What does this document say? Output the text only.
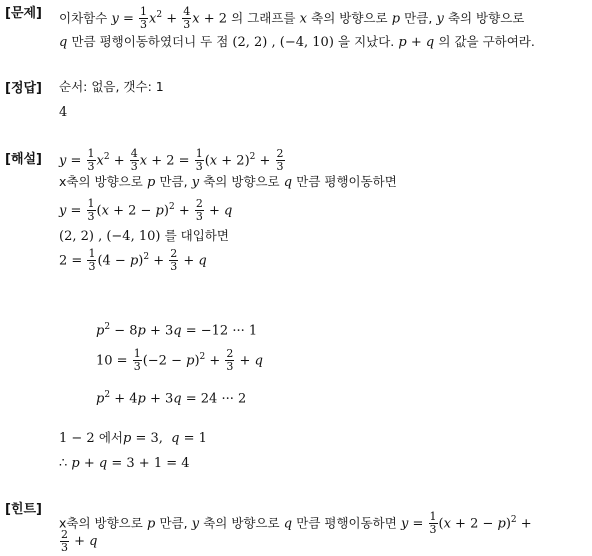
[문제] 이차함수 $y = \frac{1}{3} x^2 + \frac{4}{3}$ x + 2 의 그래프를 x 축의 방향으로 p 만큼, y 축의 방향으로
q 만큼 평행이동하였더니 두 점 (2, 2) , (−4, 10) 을 지났다. p + q 의 값을 구하여라.
[정답] 순서: 없음, 갯수: 1
4
[해설] $y = \frac{1}{3} x^2 + \frac{4}{3}$ $x + 2 = \frac{1}{3} (x + 2)^2 + \frac{2}{3}$
x축의 방향으로 p 만큼, y 축의 방향으로 q 만큼 평행이동하면
$y = \frac{1}{3} (x + 2 - p)^2 + \frac{2}{3} + q$
(2, 2) , (−4, 10) 를 대입하면
$2 = \frac{1}{3} (4 - p)^2 + \frac{2}{3} + q$
$p^2 - 8p + 3q = -12$ ··· 1
$10 = \frac{1}{3} (-2 - p)^2 + \frac{2}{3} + q$
$p^2 + 4p + 3q = 24$ ··· 2
1 − 2 에서p = 3,  q = 1
∴ p + q = 3 + 1 = 4
[힌트]
x축의 방향으로 p 만큼, y 축의 방향으로 q 만큼 평행이동하면 $y = \frac{1}{3} (x + 2 - p)^2$ +
$\frac{2}{3} + q$
